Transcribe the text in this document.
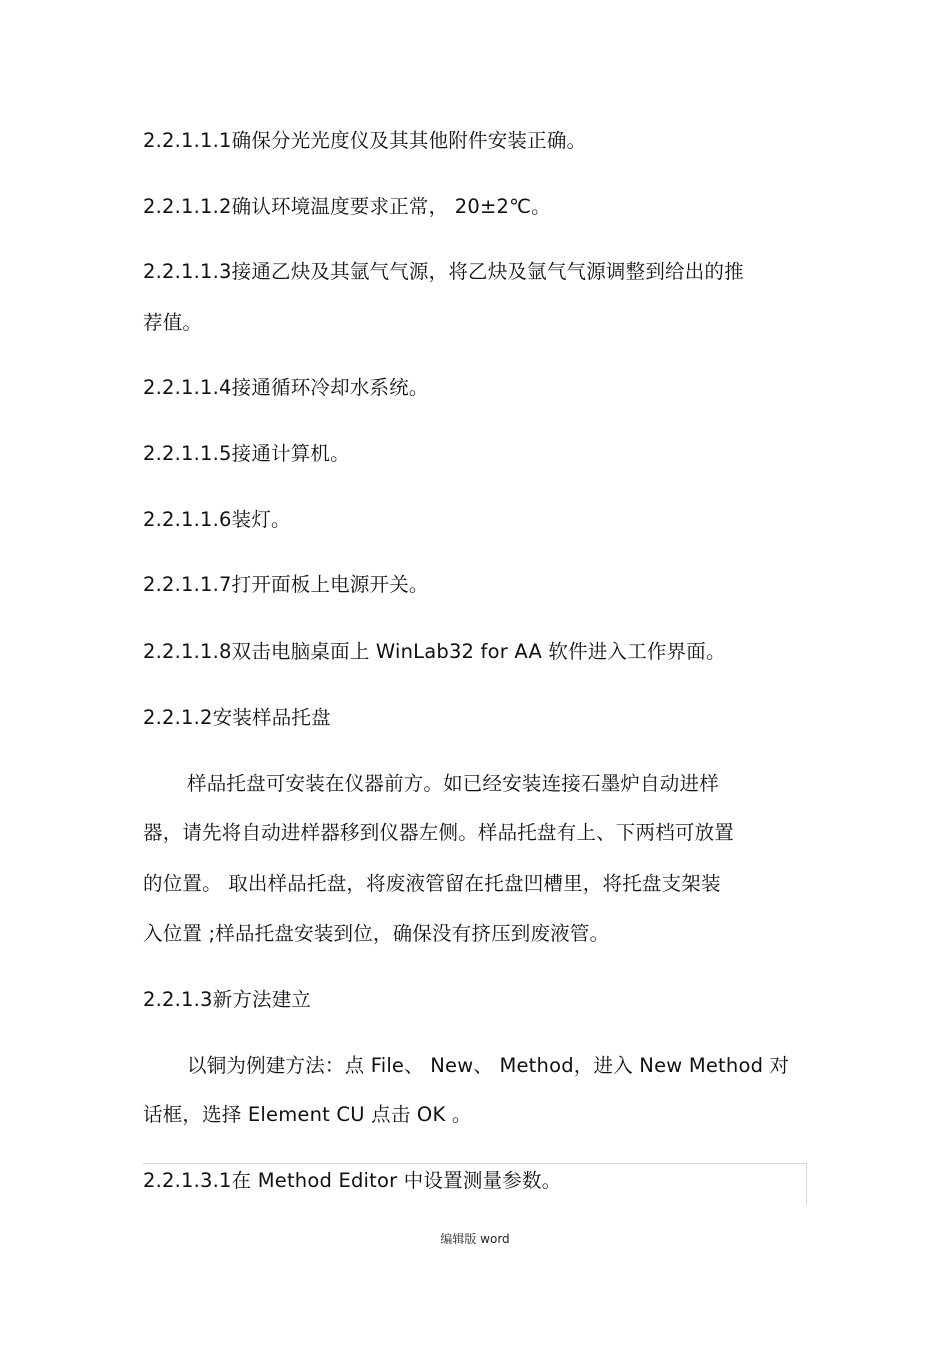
2.2.1.1.1确保分光光度仪及其其他附件安装正确。
2.2.1.1.2确认环境温度要求正常， 20±2℃。
2.2.1.1.3接通乙炔及其氩气气源，将乙炔及氩气气源调整到给出的推
荐值。
2.2.1.1.4接通循环冷却水系统。
2.2.1.1.5接通计算机。
2.2.1.1.6装灯。
2.2.1.1.7打开面板上电源开关。
2.2.1.1.8双击电脑桌面上 WinLab32 for AA 软件进入工作界面。
2.2.1.2安装样品托盘
样品托盘可安装在仪器前方。如已经安装连接石墨炉自动进样
器，请先将自动进样器移到仪器左侧。样品托盘有上、下两档可放置
的位置。 取出样品托盘，将废液管留在托盘凹槽里，将托盘支架装
入位置 ;样品托盘安装到位，确保没有挤压到废液管。
2.2.1.3新方法建立
以铜为例建方法：点 File、 New、 Method，进入 New Method 对
话框，选择 Element CU 点击 OK 。
2.2.1.3.1在 Method Editor 中设置测量参数。
编辑版 word
